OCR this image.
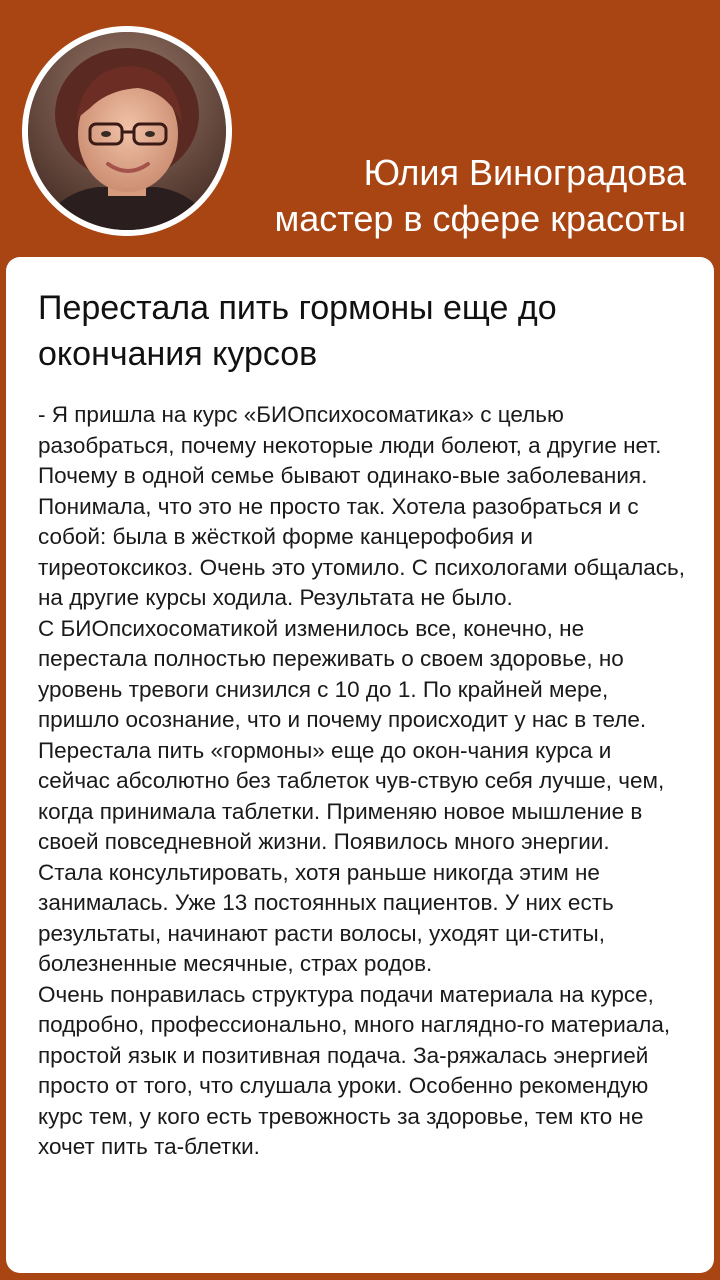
Юлия Виноградова
мастер в сфере красоты
Перестала пить гормоны еще до окончания курсов

- Я пришла на курс «БИОпсихосоматика» с целью разобраться, почему некоторые люди болеют, а другие нет. Почему в одной семье бывают одинако-вые заболевания. Понимала, что это не просто так. Хотела разобраться и с собой: была в жёсткой форме канцерофобия и тиреотоксикоз. Очень это утомило. С психологами общалась, на другие курсы ходила. Результата не было.

С БИОпсихосоматикой изменилось все, конечно, не перестала полностью переживать о своем здоровье, но уровень тревоги снизился с 10 до 1. По крайней мере, пришло осознание, что и почему происходит у нас в теле. Перестала пить «гормоны» еще до окон-чания курса и сейчас абсолютно без таблеток чув-ствую себя лучше, чем, когда принимала таблетки. Применяю новое мышление в своей повседневной жизни. Появилось много энергии.

Стала консультировать, хотя раньше никогда этим не занималась. Уже 13 постоянных пациентов. У них есть результаты, начинают расти волосы, уходят ци-ститы, болезненные месячные, страх родов.

Очень понравилась структура подачи материала на курсе, подробно, профессионально, много наглядно-го материала, простой язык и позитивная подача. За-ряжалась энергией просто от того, что слушала уроки. Особенно рекомендую курс тем, у кого есть тревожность за здоровье, тем кто не хочет пить та-блетки.
